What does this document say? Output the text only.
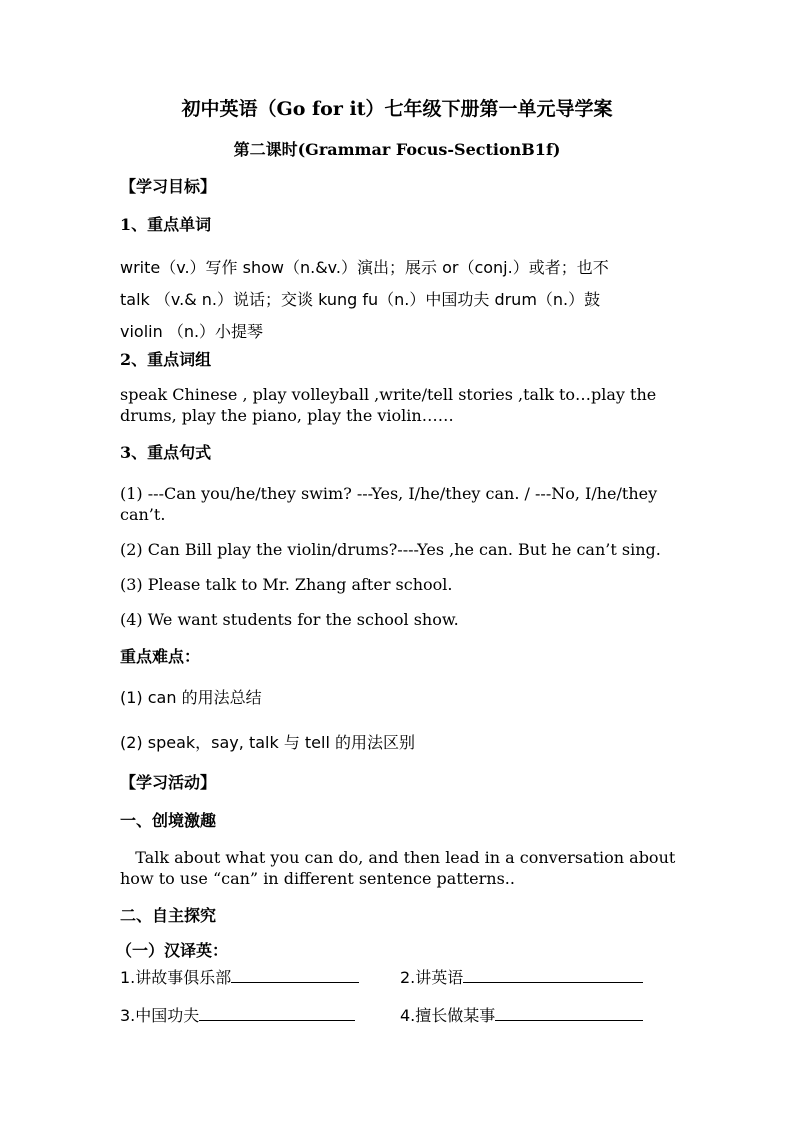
初中英语（Go for it）七年级下册第一单元导学案
第二课时(Grammar Focus-SectionB1f)
【学习目标】
1、重点单词
write（v.）写作 show（n.&v.）演出；展示 or（conj.）或者；也不
talk （v.& n.）说话；交谈 kung fu（n.）中国功夫 drum（n.）鼓
violin （n.）小提琴
2、重点词组
speak Chinese , play volleyball ,write/tell stories ,talk to…play the drums, play the piano, play the violin……
3、重点句式
(1) ---Can you/he/they swim? ---Yes, I/he/they can. / ---No, I/he/they can’t.
(2) Can Bill play the violin/drums?----Yes ,he can. But he can’t sing.
(3) Please talk to Mr. Zhang after school.
(4) We want students for the school show.
重点难点：
(1) can 的用法总结
(2) speak，say, talk 与 tell 的用法区别
【学习活动】
一、创境激趣
Talk about what you can do, and then lead in a conversation about how to use “can” in different sentence patterns..
二、自主探究
（一）汉译英：
1.讲故事俱乐部	2.讲英语
3.中国功夫	4.擅长做某事
